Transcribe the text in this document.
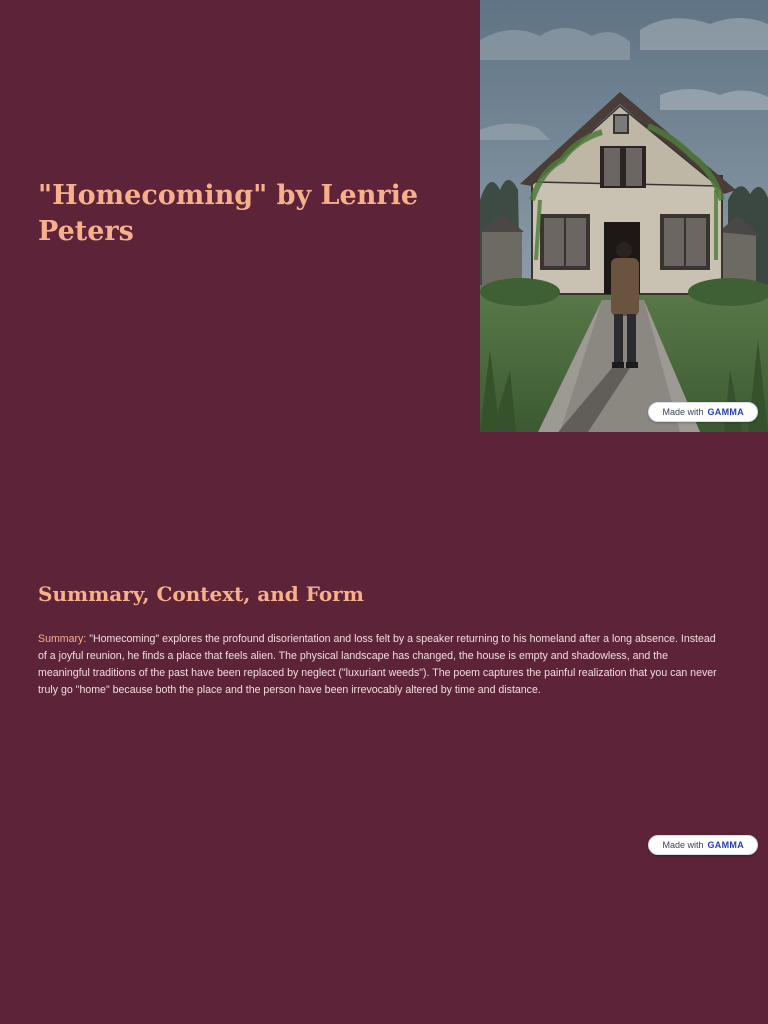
"Homecoming" by Lenrie Peters
Made with GAMMA
Summary, Context, and Form

Summary: "Homecoming" explores the profound disorientation and loss felt by a speaker returning to his homeland after a long absence. Instead of a joyful reunion, he finds a place that feels alien. The physical landscape has changed, the house is empty and shadowless, and the meaningful traditions of the past have been replaced by neglect ("luxuriant weeds"). The poem captures the painful realization that you can never truly go "home" because both the place and the person have been irrevocably altered by time and distance.

Made with GAMMA
